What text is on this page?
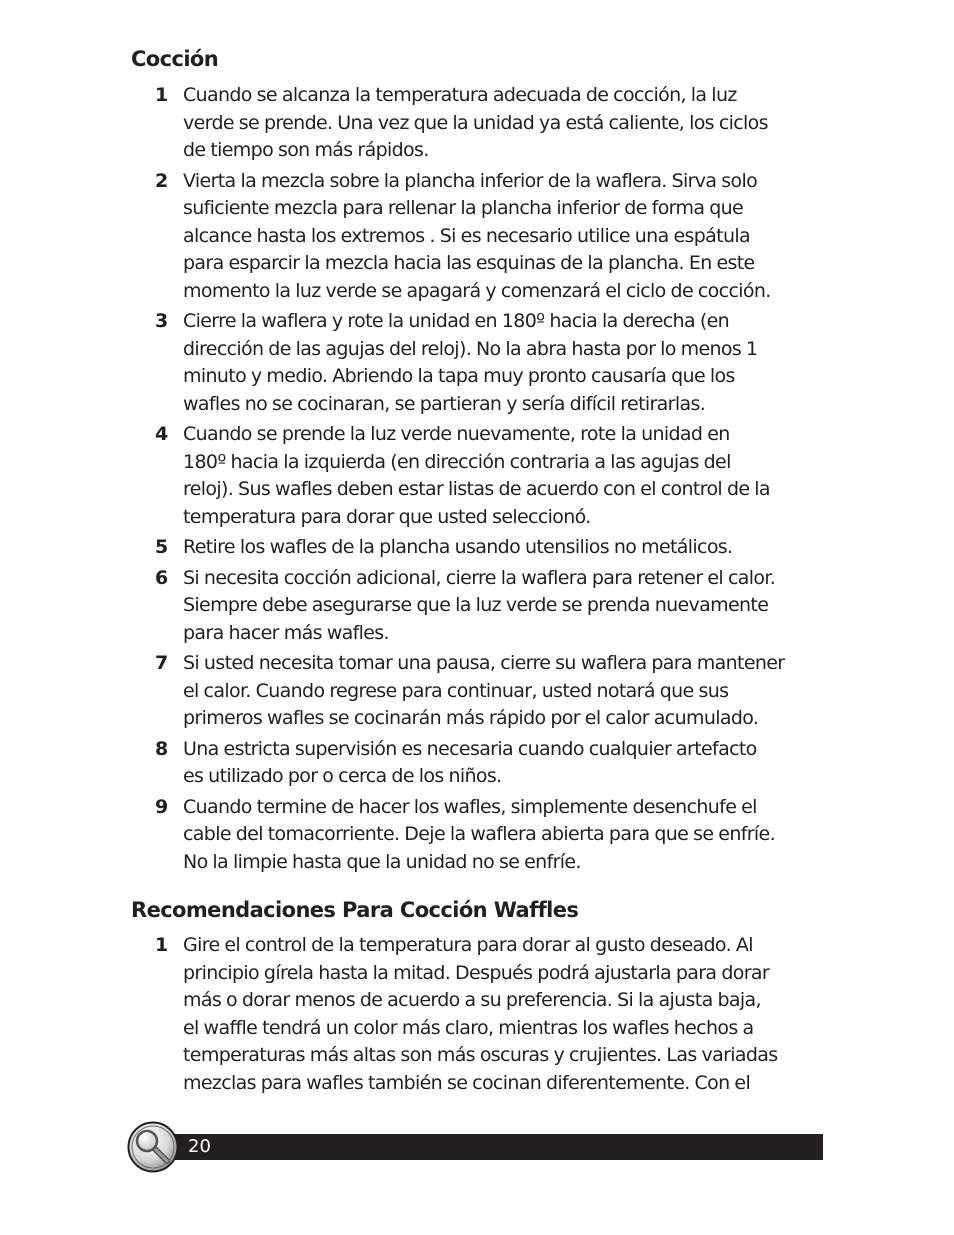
Cocción
1 Cuando se alcanza la temperatura adecuada de cocción, la luz
verde se prende. Una vez que la unidad ya está caliente, los ciclos
de tiempo son más rápidos.
2 Vierta la mezcla sobre la plancha inferior de la waflera. Sirva solo
suficiente mezcla para rellenar la plancha inferior de forma que
alcance hasta los extremos . Si es necesario utilice una espátula
para esparcir la mezcla hacia las esquinas de la plancha. En este
momento la luz verde se apagará y comenzará el ciclo de cocción.
3 Cierre la waflera y rote la unidad en 180º hacia la derecha (en
dirección de las agujas del reloj). No la abra hasta por lo menos 1
minuto y medio. Abriendo la tapa muy pronto causaría que los
wafles no se cocinaran, se partieran y sería difícil retirarlas.
4 Cuando se prende la luz verde nuevamente, rote la unidad en
180º hacia la izquierda (en dirección contraria a las agujas del
reloj). Sus wafles deben estar listas de acuerdo con el control de la
temperatura para dorar que usted seleccionó.
5 Retire los wafles de la plancha usando utensilios no metálicos.
6 Si necesita cocción adicional, cierre la waflera para retener el calor.
Siempre debe asegurarse que la luz verde se prenda nuevamente
para hacer más wafles.
7 Si usted necesita tomar una pausa, cierre su waflera para mantener
el calor. Cuando regrese para continuar, usted notará que sus
primeros wafles se cocinarán más rápido por el calor acumulado.
8 Una estricta supervisión es necesaria cuando cualquier artefacto
es utilizado por o cerca de los niños.
9 Cuando termine de hacer los wafles, simplemente desenchufe el
cable del tomacorriente. Deje la waflera abierta para que se enfríe.
No la limpie hasta que la unidad no se enfríe.
Recomendaciones Para Cocción Waffles
1 Gire el control de la temperatura para dorar al gusto deseado. Al
principio gírela hasta la mitad. Después podrá ajustarla para dorar
más o dorar menos de acuerdo a su preferencia. Si la ajusta baja,
el waffle tendrá un color más claro, mientras los wafles hechos a
temperaturas más altas son más oscuras y crujientes. Las variadas
mezclas para wafles también se cocinan diferentemente. Con el
20
